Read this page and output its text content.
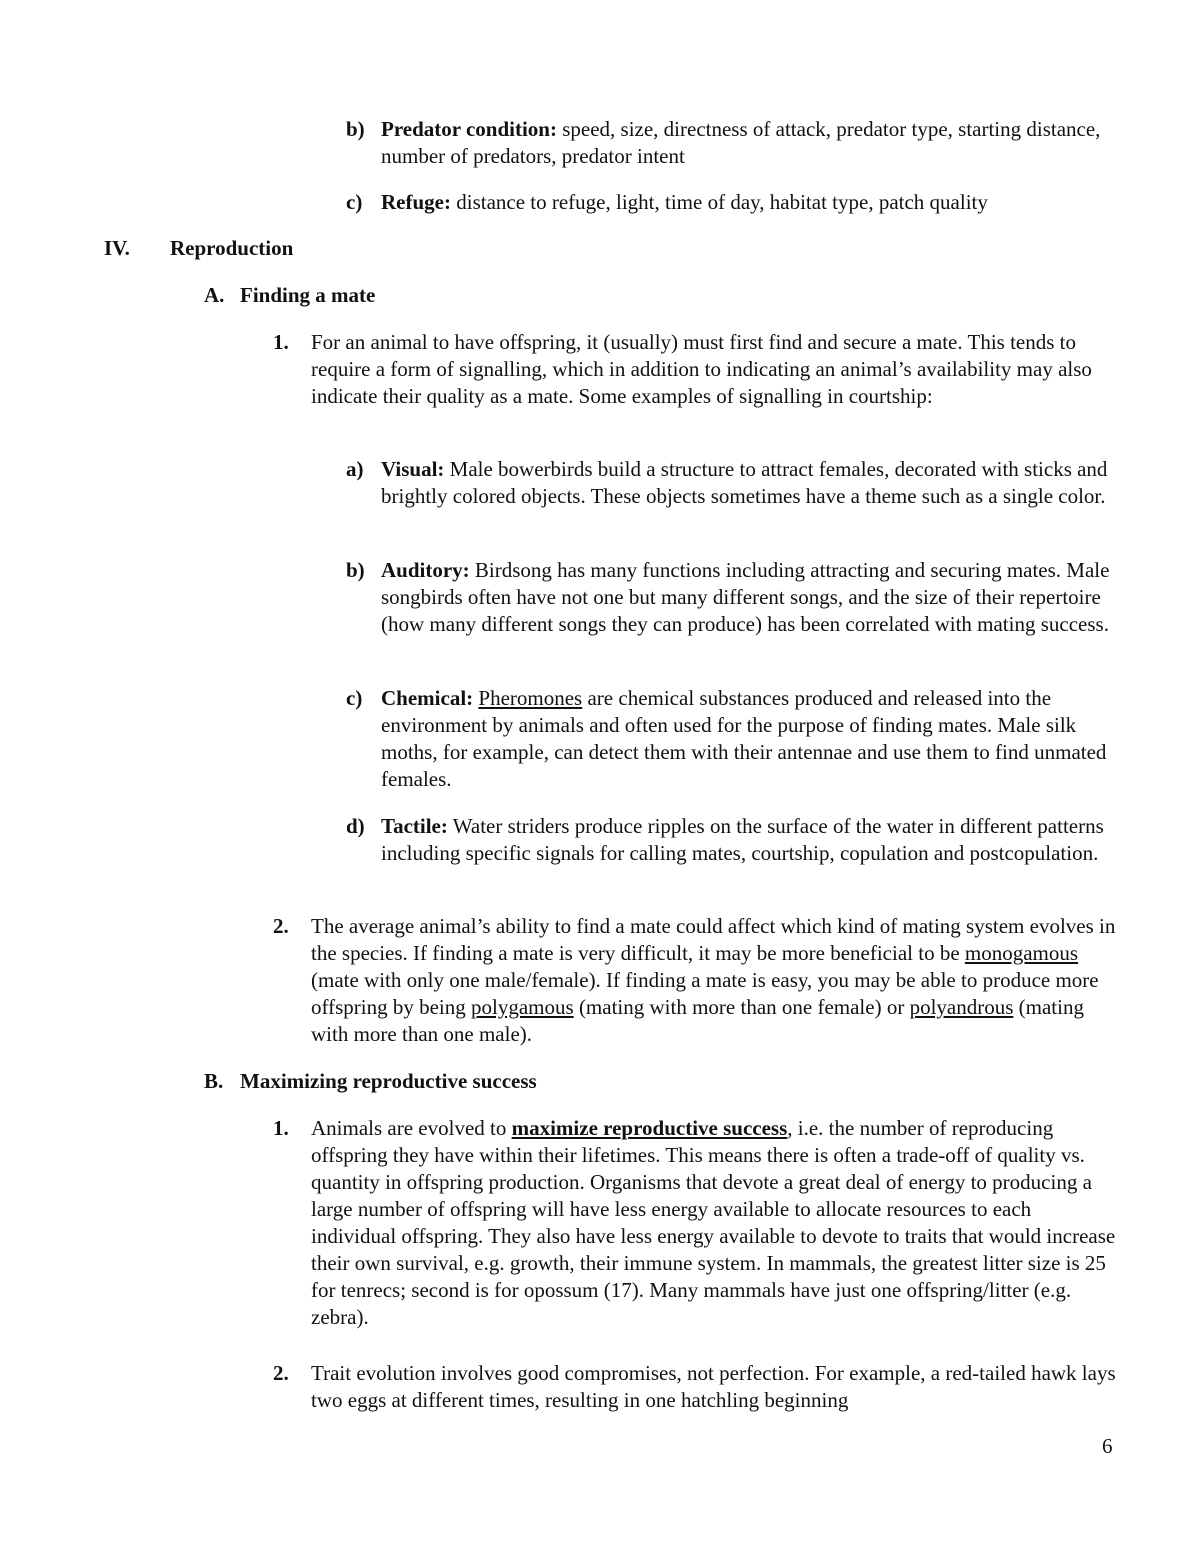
b) Predator condition: speed, size, directness of attack, predator type, starting distance, number of predators, predator intent
c) Refuge: distance to refuge, light, time of day, habitat type, patch quality
IV. Reproduction
A. Finding a mate
1. For an animal to have offspring, it (usually) must first find and secure a mate. This tends to require a form of signalling, which in addition to indicating an animal’s availability may also indicate their quality as a mate. Some examples of signalling in courtship:
a) Visual: Male bowerbirds build a structure to attract females, decorated with sticks and brightly colored objects. These objects sometimes have a theme such as a single color.
b) Auditory: Birdsong has many functions including attracting and securing mates. Male songbirds often have not one but many different songs, and the size of their repertoire (how many different songs they can produce) has been correlated with mating success.
c) Chemical: Pheromones are chemical substances produced and released into the environment by animals and often used for the purpose of finding mates. Male silk moths, for example, can detect them with their antennae and use them to find unmated females.
d) Tactile: Water striders produce ripples on the surface of the water in different patterns including specific signals for calling mates, courtship, copulation and postcopulation.
2. The average animal’s ability to find a mate could affect which kind of mating system evolves in the species. If finding a mate is very difficult, it may be more beneficial to be monogamous (mate with only one male/female). If finding a mate is easy, you may be able to produce more offspring by being polygamous (mating with more than one female) or polyandrous (mating with more than one male).
B. Maximizing reproductive success
1. Animals are evolved to maximize reproductive success, i.e. the number of reproducing offspring they have within their lifetimes. This means there is often a trade-off of quality vs. quantity in offspring production. Organisms that devote a great deal of energy to producing a large number of offspring will have less energy available to allocate resources to each individual offspring. They also have less energy available to devote to traits that would increase their own survival, e.g. growth, their immune system. In mammals, the greatest litter size is 25 for tenrecs; second is for opossum (17). Many mammals have just one offspring/litter (e.g. zebra).
2. Trait evolution involves good compromises, not perfection. For example, a red-tailed hawk lays two eggs at different times, resulting in one hatchling beginning
6
